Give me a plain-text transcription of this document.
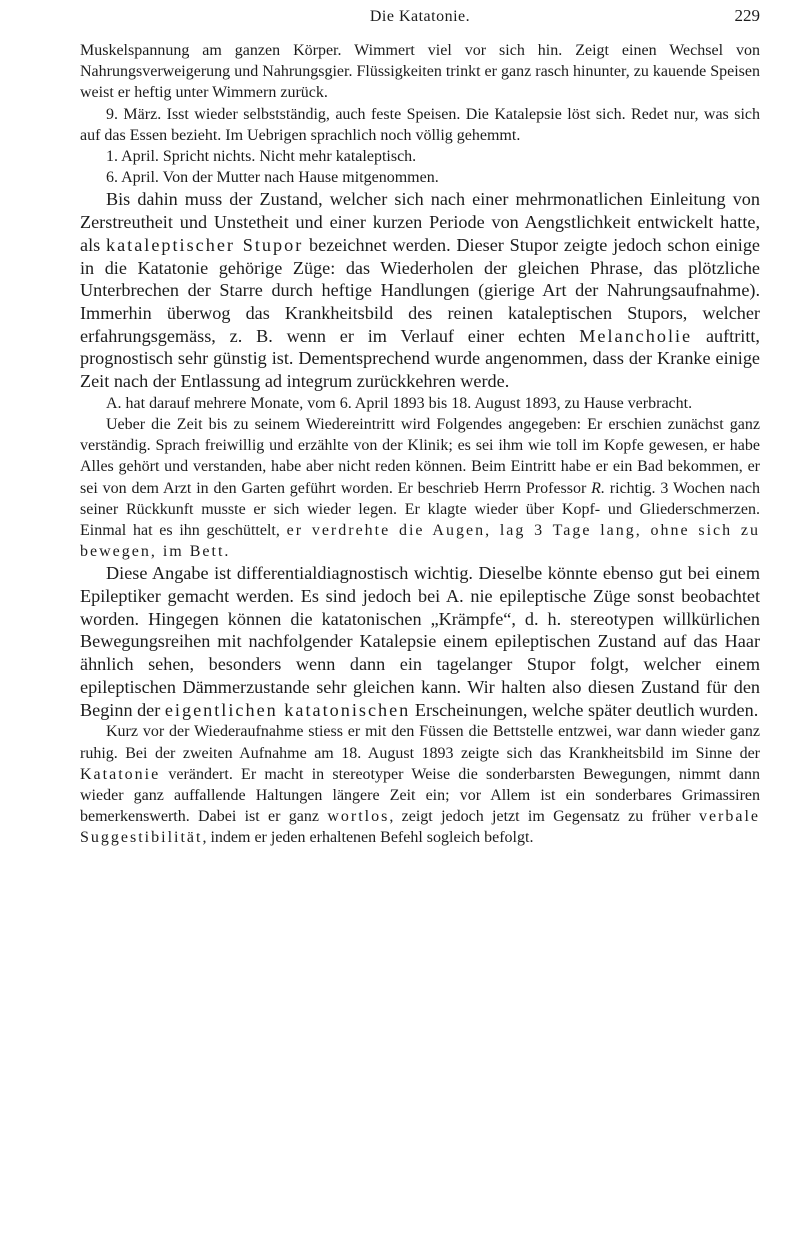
Die Katatonie.	229

Muskelspannung am ganzen Körper. Wimmert viel vor sich hin. Zeigt einen Wechsel von Nahrungsverweigerung und Nahrungsgier. Flüssigkeiten trinkt er ganz rasch hinunter, zu kauende Speisen weist er heftig unter Wimmern zurück.

9. März. Isst wieder selbstständig, auch feste Speisen. Die Katalepsie löst sich. Redet nur, was sich auf das Essen bezieht. Im Uebrigen sprachlich noch völlig gehemmt.

1. April. Spricht nichts. Nicht mehr kataleptisch.

6. April. Von der Mutter nach Hause mitgenommen.

Bis dahin muss der Zustand, welcher sich nach einer mehrmonatlichen Einleitung von Zerstreutheit und Unstetheit und einer kurzen Periode von Aengstlichkeit entwickelt hatte, als kataleptischer Stupor bezeichnet werden. Dieser Stupor zeigte jedoch schon einige in die Katatonie gehörige Züge: das Wiederholen der gleichen Phrase, das plötzliche Unterbrechen der Starre durch heftige Handlungen (gierige Art der Nahrungsaufnahme). Immerhin überwog das Krankheitsbild des reinen kataleptischen Stupors, welcher erfahrungsgemäss, z. B. wenn er im Verlauf einer echten Melancholie auftritt, prognostisch sehr günstig ist. Dementsprechend wurde angenommen, dass der Kranke einige Zeit nach der Entlassung ad integrum zurückkehren werde.

A. hat darauf mehrere Monate, vom 6. April 1893 bis 18. August 1893, zu Hause verbracht.

Ueber die Zeit bis zu seinem Wiedereintritt wird Folgendes angegeben: Er erschien zunächst ganz verständig. Sprach freiwillig und erzählte von der Klinik; es sei ihm wie toll im Kopfe gewesen, er habe Alles gehört und verstanden, habe aber nicht reden können. Beim Eintritt habe er ein Bad bekommen, er sei von dem Arzt in den Garten geführt worden. Er beschrieb Herrn Professor R. richtig. 3 Wochen nach seiner Rückkunft musste er sich wieder legen. Er klagte wieder über Kopf- und Gliederschmerzen. Einmal hat es ihn geschüttelt, er verdrehte die Augen, lag 3 Tage lang, ohne sich zu bewegen, im Bett.

Diese Angabe ist differentialdiagnostisch wichtig. Dieselbe könnte ebenso gut bei einem Epileptiker gemacht werden. Es sind jedoch bei A. nie epileptische Züge sonst beobachtet worden. Hingegen können die katatonischen „Krämpfe“, d. h. stereotypen willkürlichen Bewegungsreihen mit nachfolgender Katalepsie einem epileptischen Zustand auf das Haar ähnlich sehen, besonders wenn dann ein tagelanger Stupor folgt, welcher einem epileptischen Dämmerzustande sehr gleichen kann. Wir halten also diesen Zustand für den Beginn der eigentlichen katatonischen Erscheinungen, welche später deutlich wurden.

Kurz vor der Wiederaufnahme stiess er mit den Füssen die Bettstelle entzwei, war dann wieder ganz ruhig. Bei der zweiten Aufnahme am 18. August 1893 zeigte sich das Krankheitsbild im Sinne der Katatonie verändert. Er macht in stereotyper Weise die sonderbarsten Bewegungen, nimmt dann wieder ganz auffallende Haltungen längere Zeit ein; vor Allem ist ein sonderbares Grimassiren bemerkenswerth. Dabei ist er ganz wortlos, zeigt jedoch jetzt im Gegensatz zu früher verbale Suggestibilität, indem er jeden erhaltenen Befehl sogleich befolgt.
